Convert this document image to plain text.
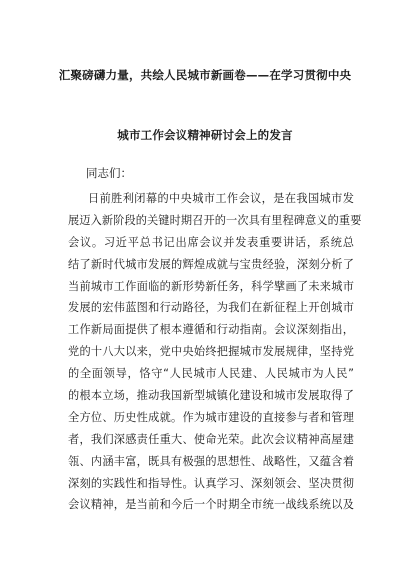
汇聚磅礴力量，共绘人民城市新画卷——在学习贯彻中央
城市工作会议精神研讨会上的发言
同志们：
日前胜利闭幕的中央城市工作会议，是在我国城市发
展迈入新阶段的关键时期召开的一次具有里程碑意义的重要
会议。习近平总书记出席会议并发表重要讲话，系统总
结了新时代城市发展的辉煌成就与宝贵经验，深刻分析了
当前城市工作面临的新形势新任务，科学擘画了未来城市
发展的宏伟蓝图和行动路径，为我们在新征程上开创城市
工作新局面提供了根本遵循和行动指南。会议深刻指出，
党的十八大以来，党中央始终把握城市发展规律，坚持党
的全面领导，恪守“人民城市人民建、人民城市为人民”
的根本立场，推动我国新型城镇化建设和城市发展取得了
全方位、历史性成就。作为城市建设的直接参与者和管理
者，我们深感责任重大、使命光荣。此次会议精神高屋建
瓴、内涵丰富，既具有极强的思想性、战略性，又蕴含着
深刻的实践性和指导性。认真学习、深刻领会、坚决贯彻
会议精神，是当前和今后一个时期全市统一战线系统以及
